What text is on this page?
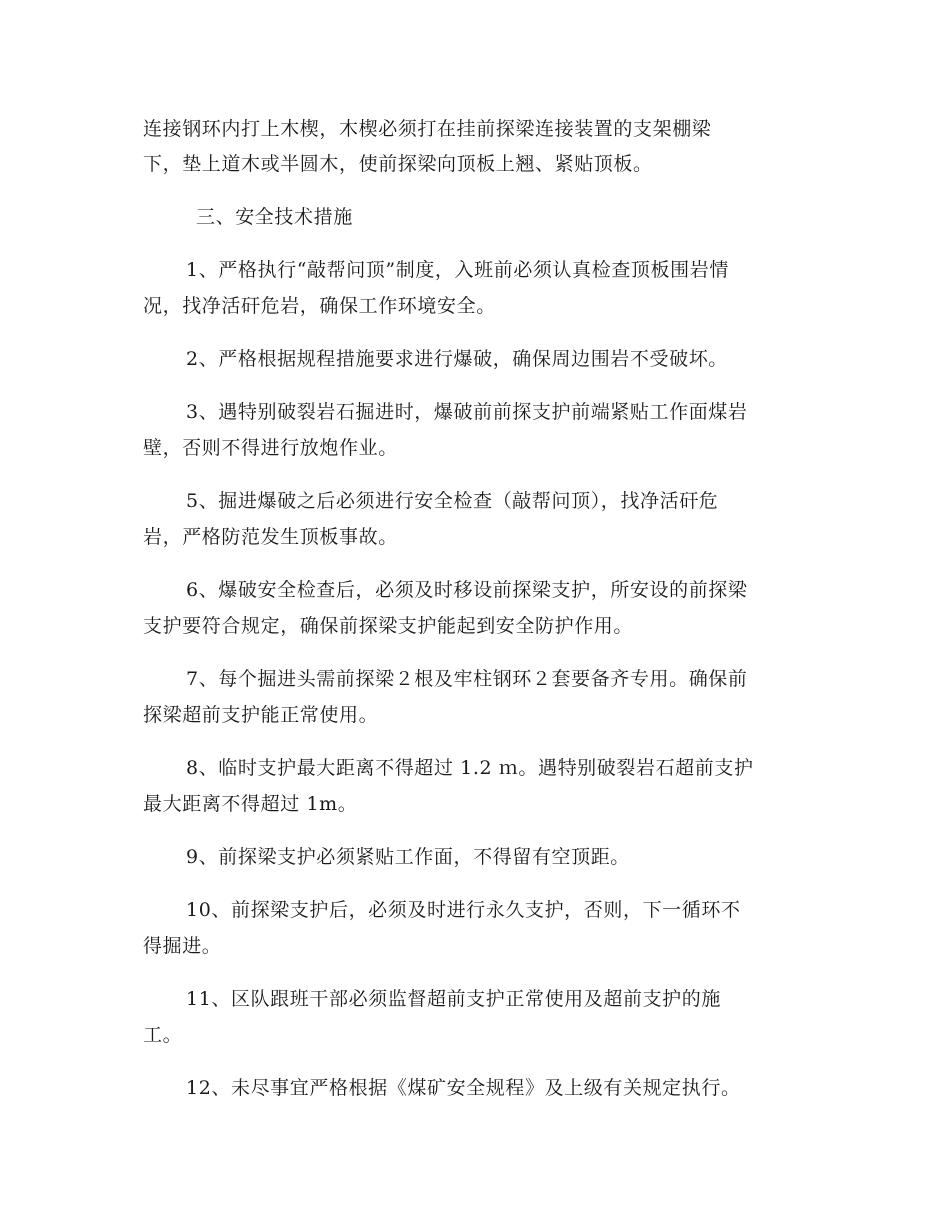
连接钢环内打上木楔，木楔必须打在挂前探梁连接装置的支架棚梁
下，垫上道木或半圆木，使前探梁向顶板上翘、紧贴顶板。
三、安全技术措施
1、严格执行“敲帮问顶”制度，入班前必须认真检查顶板围岩情
况，找净活矸危岩，确保工作环境安全。
2、严格根据规程措施要求进行爆破，确保周边围岩不受破坏。
3、遇特别破裂岩石掘进时，爆破前前探支护前端紧贴工作面煤岩
壁，否则不得进行放炮作业。
5、掘进爆破之后必须进行安全检查（敲帮问顶），找净活矸危
岩，严格防范发生顶板事故。
6、爆破安全检查后，必须及时移设前探梁支护，所安设的前探梁
支护要符合规定，确保前探梁支护能起到安全防护作用。
7、每个掘进头需前探梁２根及牢柱钢环２套要备齐专用。确保前
探梁超前支护能正常使用。
8、临时支护最大距离不得超过 1.2 ｍ。遇特别破裂岩石超前支护
最大距离不得超过 1m。
9、前探梁支护必须紧贴工作面，不得留有空顶距。
10、前探梁支护后，必须及时进行永久支护，否则，下一循环不
得掘进。
11、区队跟班干部必须监督超前支护正常使用及超前支护的施
工。
12、未尽事宜严格根据《煤矿安全规程》及上级有关规定执行。
